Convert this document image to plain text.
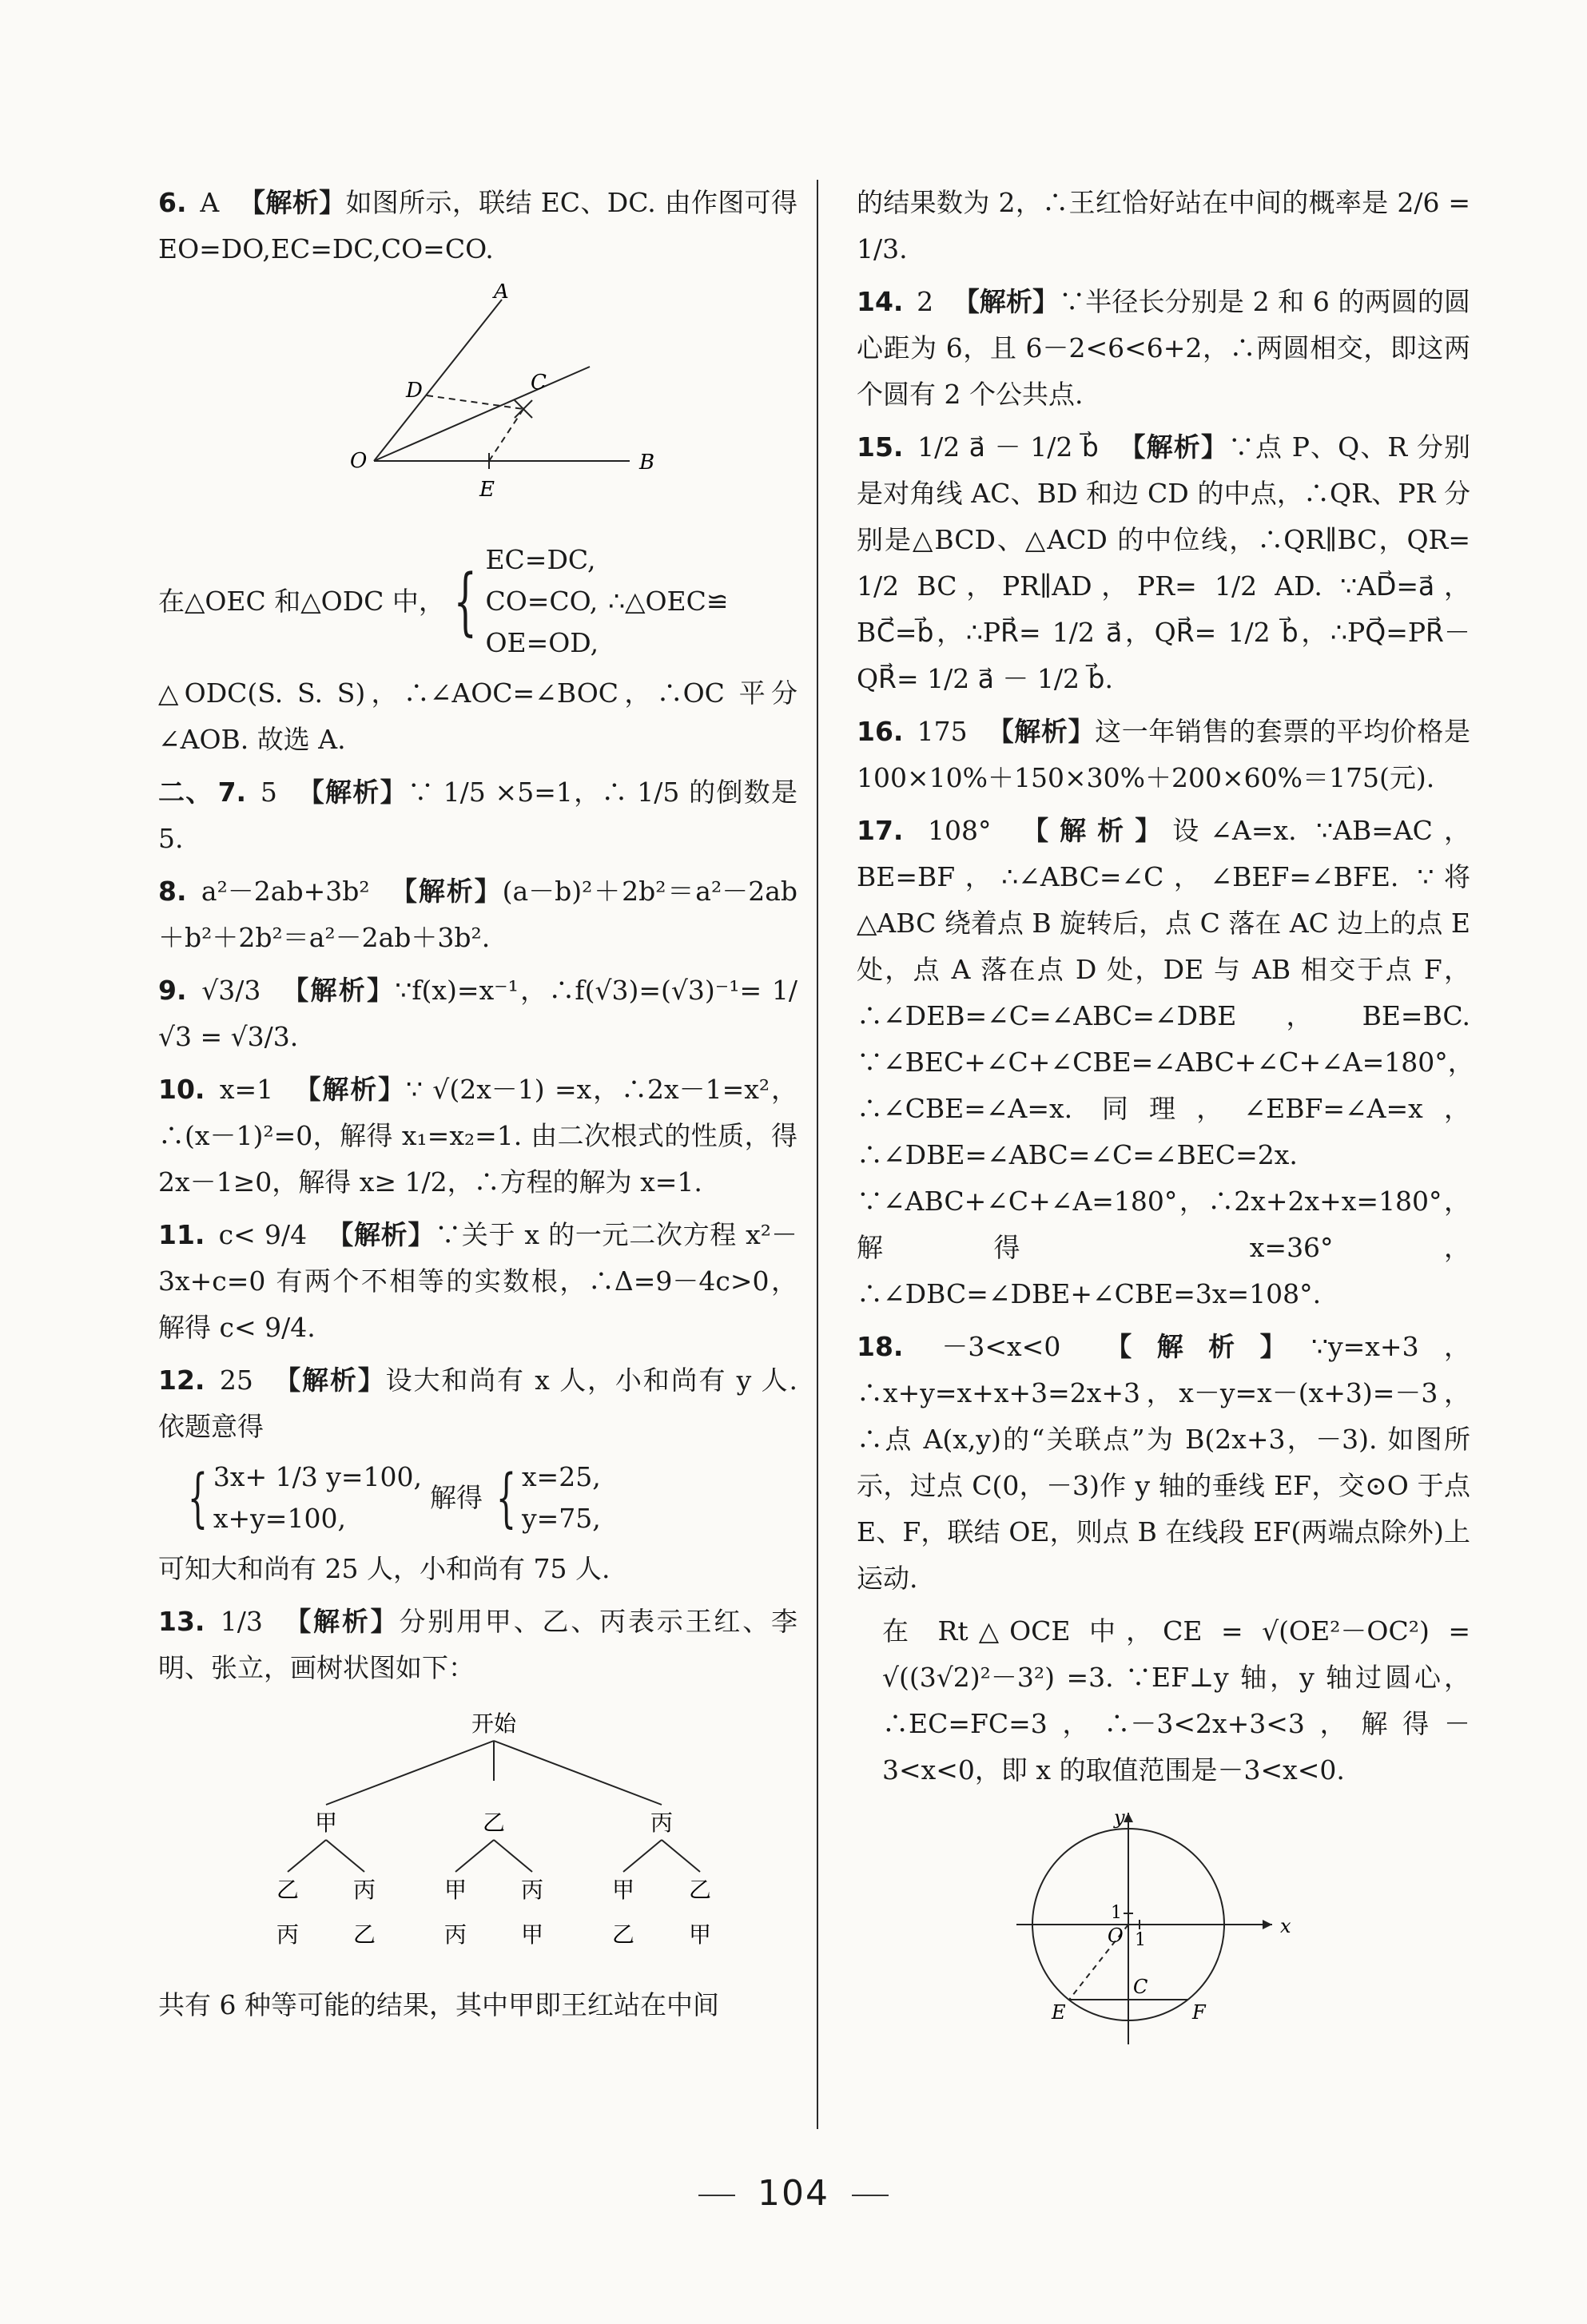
6. A 【解析】如图所示，联结 EC、DC. 由作图可得 EO=DO,EC=DC,CO=CO.
A
D	C
O
E
B
在△OEC 和△ODC 中， { EC=DC,
CO=CO,
OE=OD,
∴△OEC≌
△ODC(S. S. S)，∴∠AOC=∠BOC，∴OC 平分∠AOB. 故选 A.
二、 7. 5 【解析】∵ 1/5 ×5=1，∴ 1/5 的倒数是 5.
8. a²－2ab+3b² 【解析】(a－b)²＋2b²＝a²－2ab＋b²＋2b²＝a²－2ab＋3b².
9. √3/3 【解析】∵f(x)=x⁻¹，∴f(√3)=(√3)⁻¹= 1/√3 = √3/3.
10. x=1 【解析】∵ √(2x－1) =x，∴2x－1=x²，∴(x－1)²=0，解得 x₁=x₂=1. 由二次根式的性质，得 2x－1≥0，解得 x≥ 1/2，∴方程的解为 x=1.
11. c< 9/4 【解析】∵关于 x 的一元二次方程 x²－3x+c=0 有两个不相等的实数根，∴Δ=9－4c>0，解得 c< 9/4.
12. 25 【解析】设大和尚有 x 人，小和尚有 y 人. 依题意得
{ 3x+ 1/3 y=100,
x+y=100,
解得 { x=25,
y=75,
可知大和尚有 25 人，小和尚有 75 人.
13. 1/3 【解析】分别用甲、乙、丙表示王红、李明、张立，画树状图如下：
开始
甲	乙	丙
乙 丙	甲 丙	甲 乙
丙 乙	丙 甲	乙 甲
共有 6 种等可能的结果，其中甲即王红站在中间
的结果数为 2，∴王红恰好站在中间的概率是 2/6 = 1/3.
14. 2 【解析】∵半径长分别是 2 和 6 的两圆的圆心距为 6，且 6－2<6<6+2，∴两圆相交，即这两个圆有 2 个公共点.
15. 1/2 a⃗ － 1/2 b⃗ 【解析】∵点 P、Q、R 分别是对角线 AC、BD 和边 CD 的中点，∴QR、PR 分别是△BCD、△ACD 的中位线，∴QR∥BC，QR= 1/2 BC，PR∥AD，PR= 1/2 AD. ∵AD⃗=a⃗，BC⃗=b⃗，∴PR⃗= 1/2 a⃗，QR⃗= 1/2 b⃗，∴PQ⃗=PR⃗－QR⃗= 1/2 a⃗ － 1/2 b⃗.
16. 175 【解析】这一年销售的套票的平均价格是 100×10%＋150×30%＋200×60%＝175(元).
17. 108° 【解析】设∠A=x. ∵AB=AC，BE=BF，∴∠ABC=∠C，∠BEF=∠BFE. ∵将△ABC 绕着点 B 旋转后，点 C 落在 AC 边上的点 E 处，点 A 落在点 D 处，DE 与 AB 相交于点 F，∴∠DEB=∠C=∠ABC=∠DBE，BE=BC. ∵∠BEC+∠C+∠CBE=∠ABC+∠C+∠A=180°，∴∠CBE=∠A=x. 同理，∠EBF=∠A=x，∴∠DBE=∠ABC=∠C=∠BEC=2x. ∵∠ABC+∠C+∠A=180°，∴2x+2x+x=180°，解得 x=36°，∴∠DBC=∠DBE+∠CBE=3x=108°.
18. －3<x<0 【解析】∵y=x+3，∴x+y=x+x+3=2x+3，x－y=x－(x+3)=－3，∴点 A(x,y)的“关联点”为 B(2x+3，－3). 如图所示，过点 C(0，－3)作 y 轴的垂线 EF，交⊙O 于点 E、F，联结 OE，则点 B 在线段 EF(两端点除外)上运动.
在 Rt△OCE 中，CE = √(OE²－OC²) = √((3√2)²－3²) =3. ∵EF⊥y 轴，y 轴过圆心，∴EC=FC=3，∴－3<2x+3<3，解得－3<x<0，即 x 的取值范围是－3<x<0.
y
x
1
1
O
C
E	F
104
